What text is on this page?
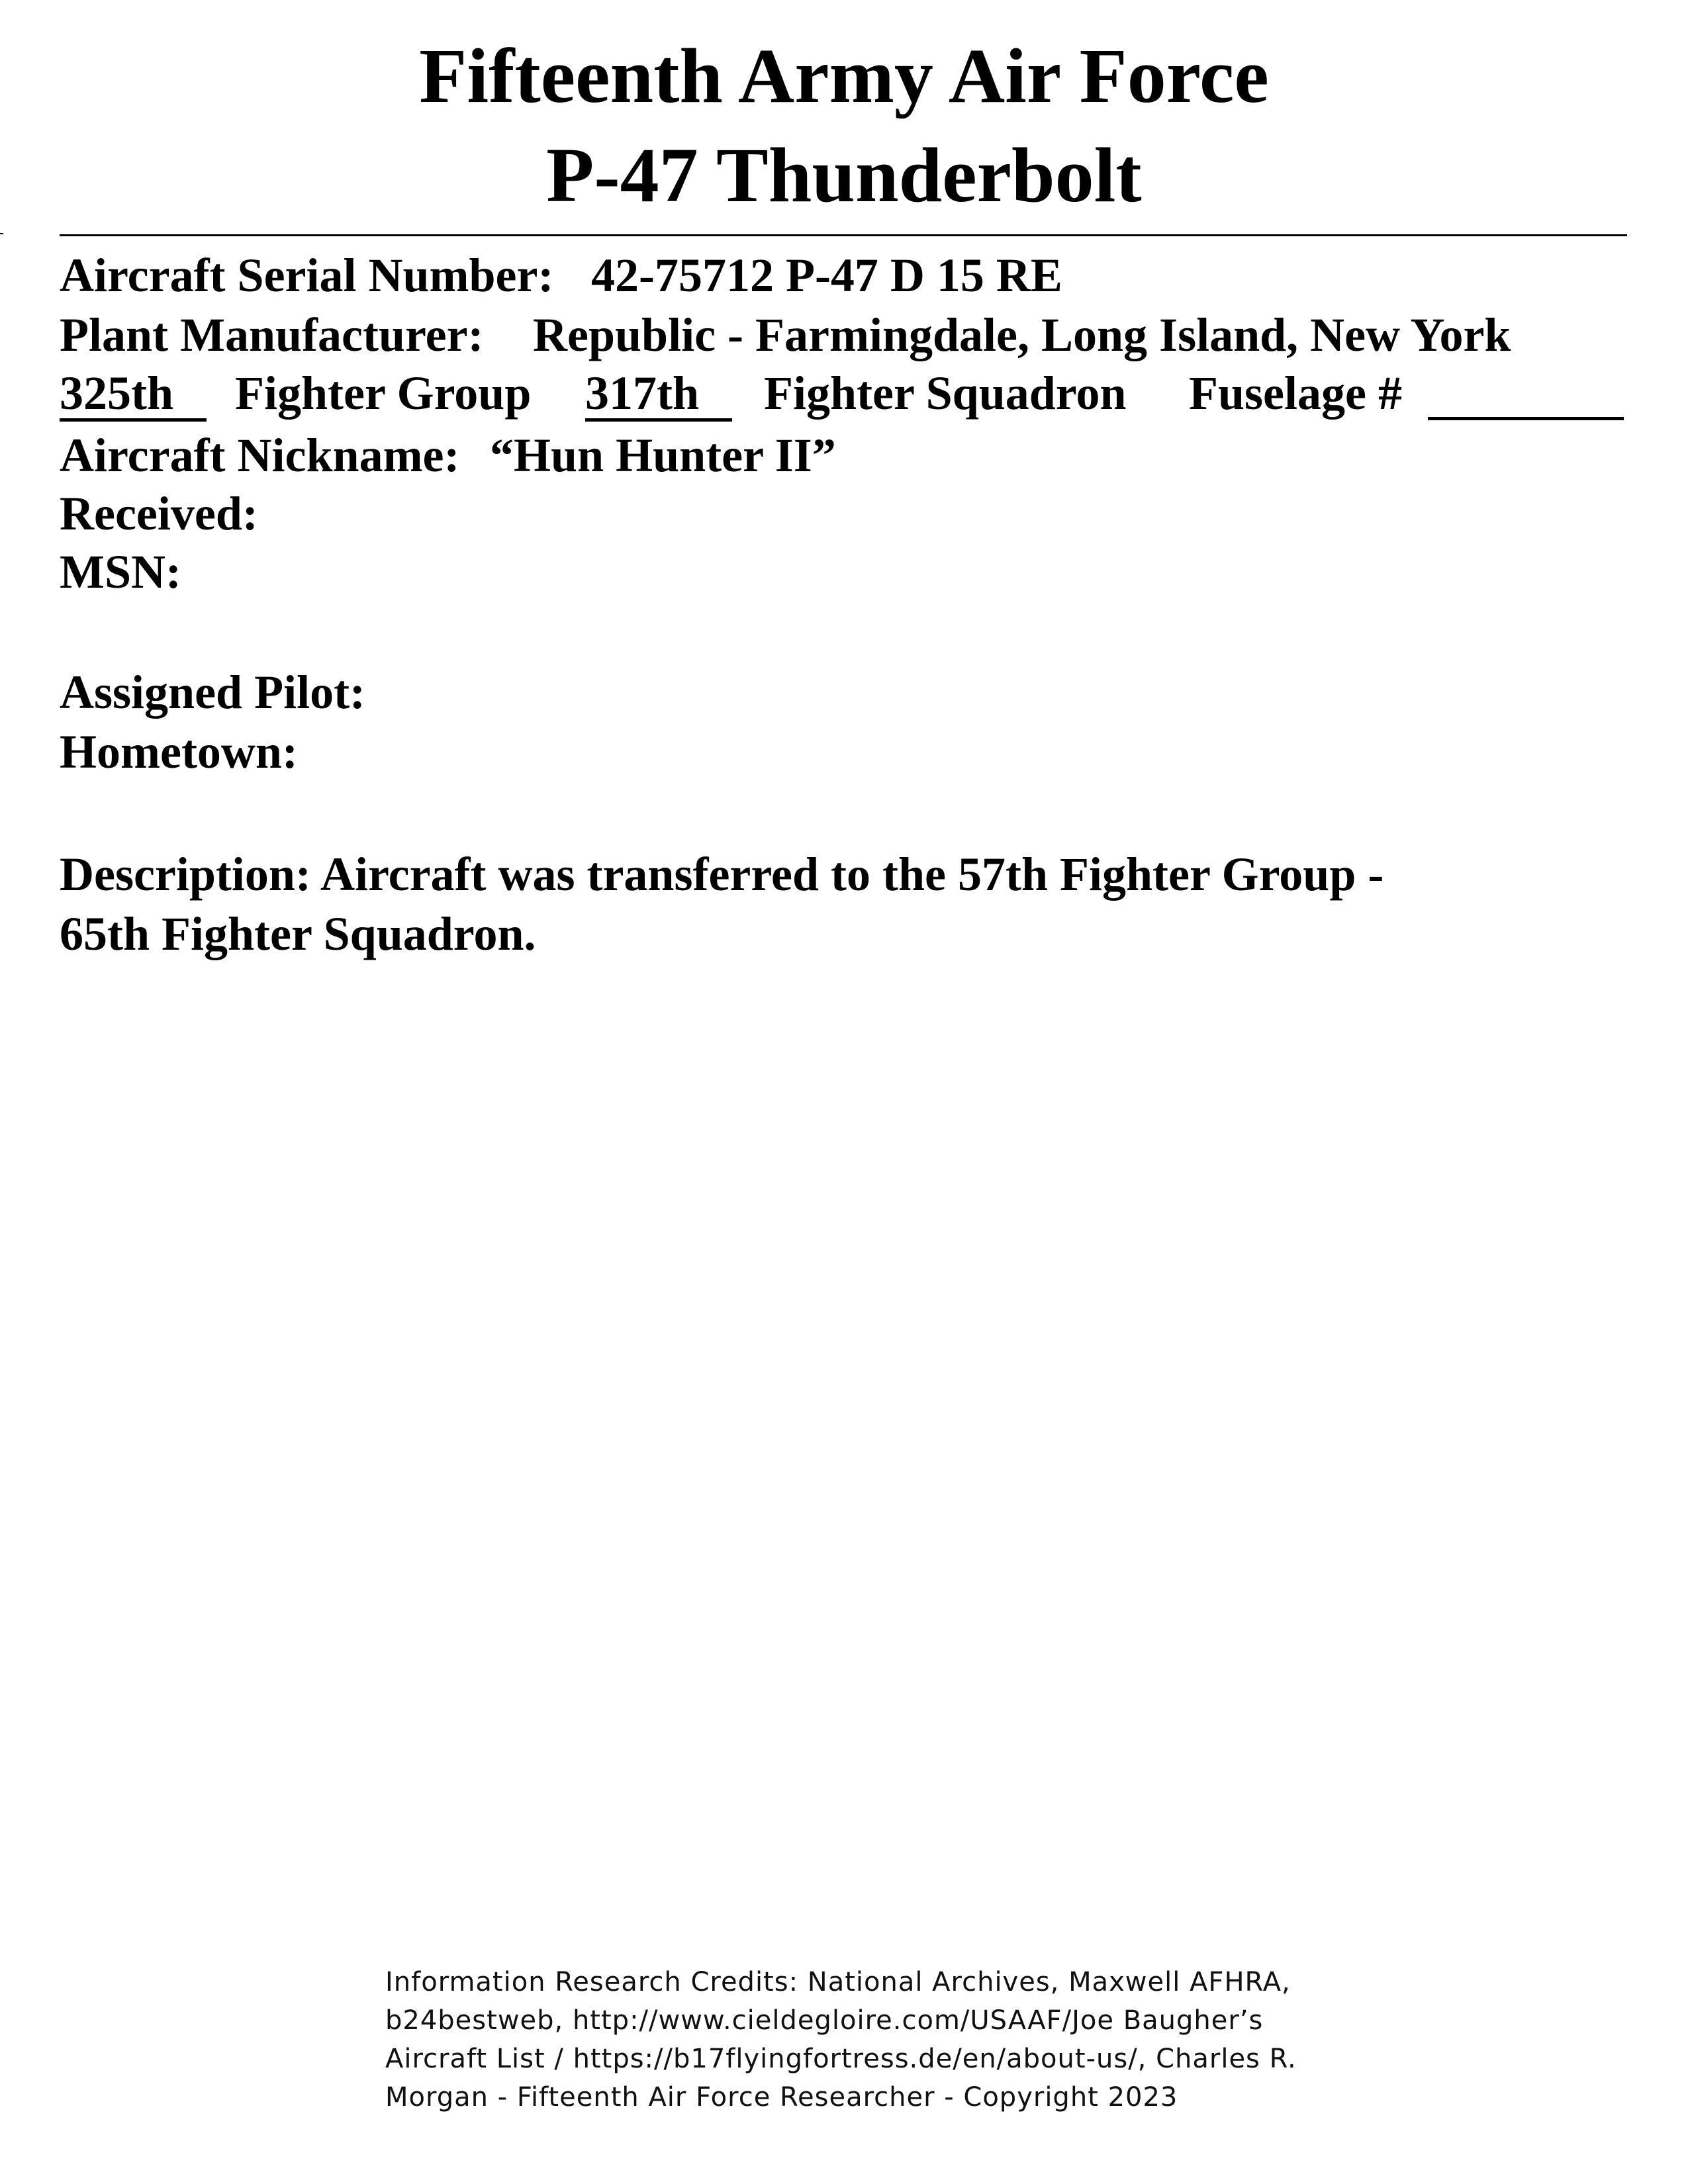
Fifteenth Army Air Force
P-47 Thunderbolt
Aircraft Serial Number: 42-75712 P-47 D 15 RE
Plant Manufacturer: Republic - Farmingdale, Long Island, New York
325th	Fighter Group 317th	Fighter Squadron Fuselage #
Aircraft Nickname: “Hun Hunter II”
Received:
MSN:
Assigned Pilot:
Hometown:
Description: Aircraft was transferred to the 57th Fighter Group -
65th Fighter Squadron.
Information Research Credits: National Archives, Maxwell AFHRA,
b24bestweb, http://www.cieldegloire.com/USAAF/Joe Baugher’s
Aircraft List / https://b17flyingfortress.de/en/about-us/, Charles R.
Morgan - Fifteenth Air Force Researcher - Copyright 2023
